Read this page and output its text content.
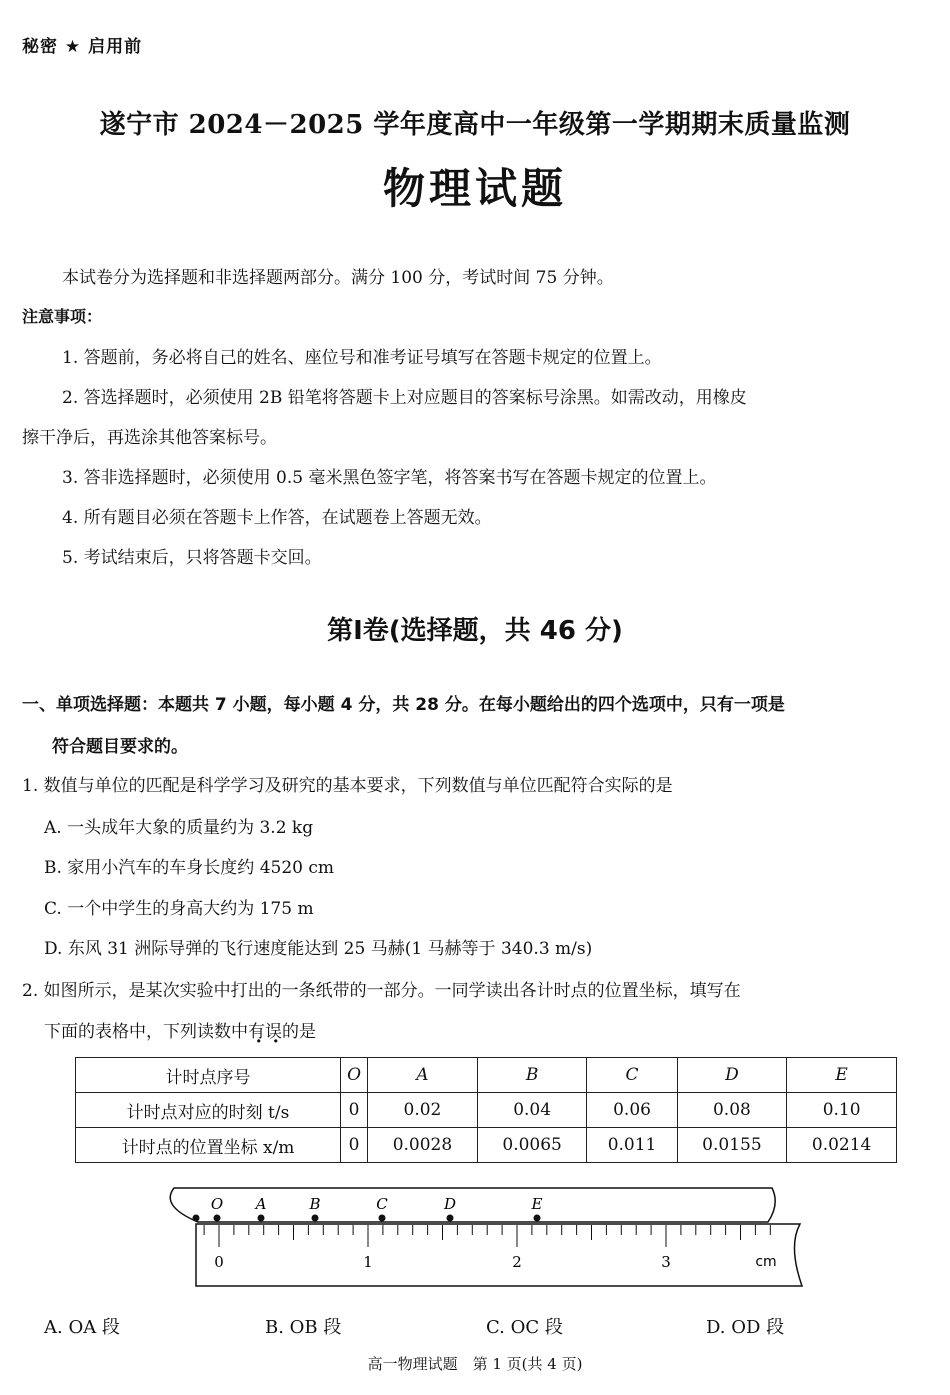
秘密 ★ 启用前
遂宁市 2024－2025 学年度高中一年级第一学期期末质量监测
物理试题
本试卷分为选择题和非选择题两部分。满分 100 分，考试时间 75 分钟。
注意事项：
1. 答题前，务必将自己的姓名、座位号和准考证号填写在答题卡规定的位置上。
2. 答选择题时，必须使用 2B 铅笔将答题卡上对应题目的答案标号涂黑。如需改动，用橡皮
擦干净后，再选涂其他答案标号。
3. 答非选择题时，必须使用 0.5 毫米黑色签字笔，将答案书写在答题卡规定的位置上。
4. 所有题目必须在答题卡上作答，在试题卷上答题无效。
5. 考试结束后，只将答题卡交回。
第Ⅰ卷(选择题，共 46 分)
一、单项选择题：本题共 7 小题，每小题 4 分，共 28 分。在每小题给出的四个选项中，只有一项是
符合题目要求的。
1. 数值与单位的匹配是科学学习及研究的基本要求，下列数值与单位匹配符合实际的是
A. 一头成年大象的质量约为 3.2 kg
B. 家用小汽车的车身长度约 4520 cm
C. 一个中学生的身高大约为 175 m
D. 东风 31 洲际导弹的飞行速度能达到 25 马赫(1 马赫等于 340.3 m/s)
2. 如图所示，是某次实验中打出的一条纸带的一部分。一同学读出各计时点的位置坐标，填写在
下面的表格中，下列读数中有误的是
计时点序号	O	A	B	C	D	E
计时点对应的时刻 t/s	0	0.02	0.04	0.06	0.08	0.10
计时点的位置坐标 x/m	0	0.0028	0.0065	0.011	0.0155	0.0214
0	1	2	3	cm
O A	B	C	D	E
A. OA 段	B. OB 段	C. OC 段	D. OD 段
高一物理试题　第 1 页(共 4 页)
